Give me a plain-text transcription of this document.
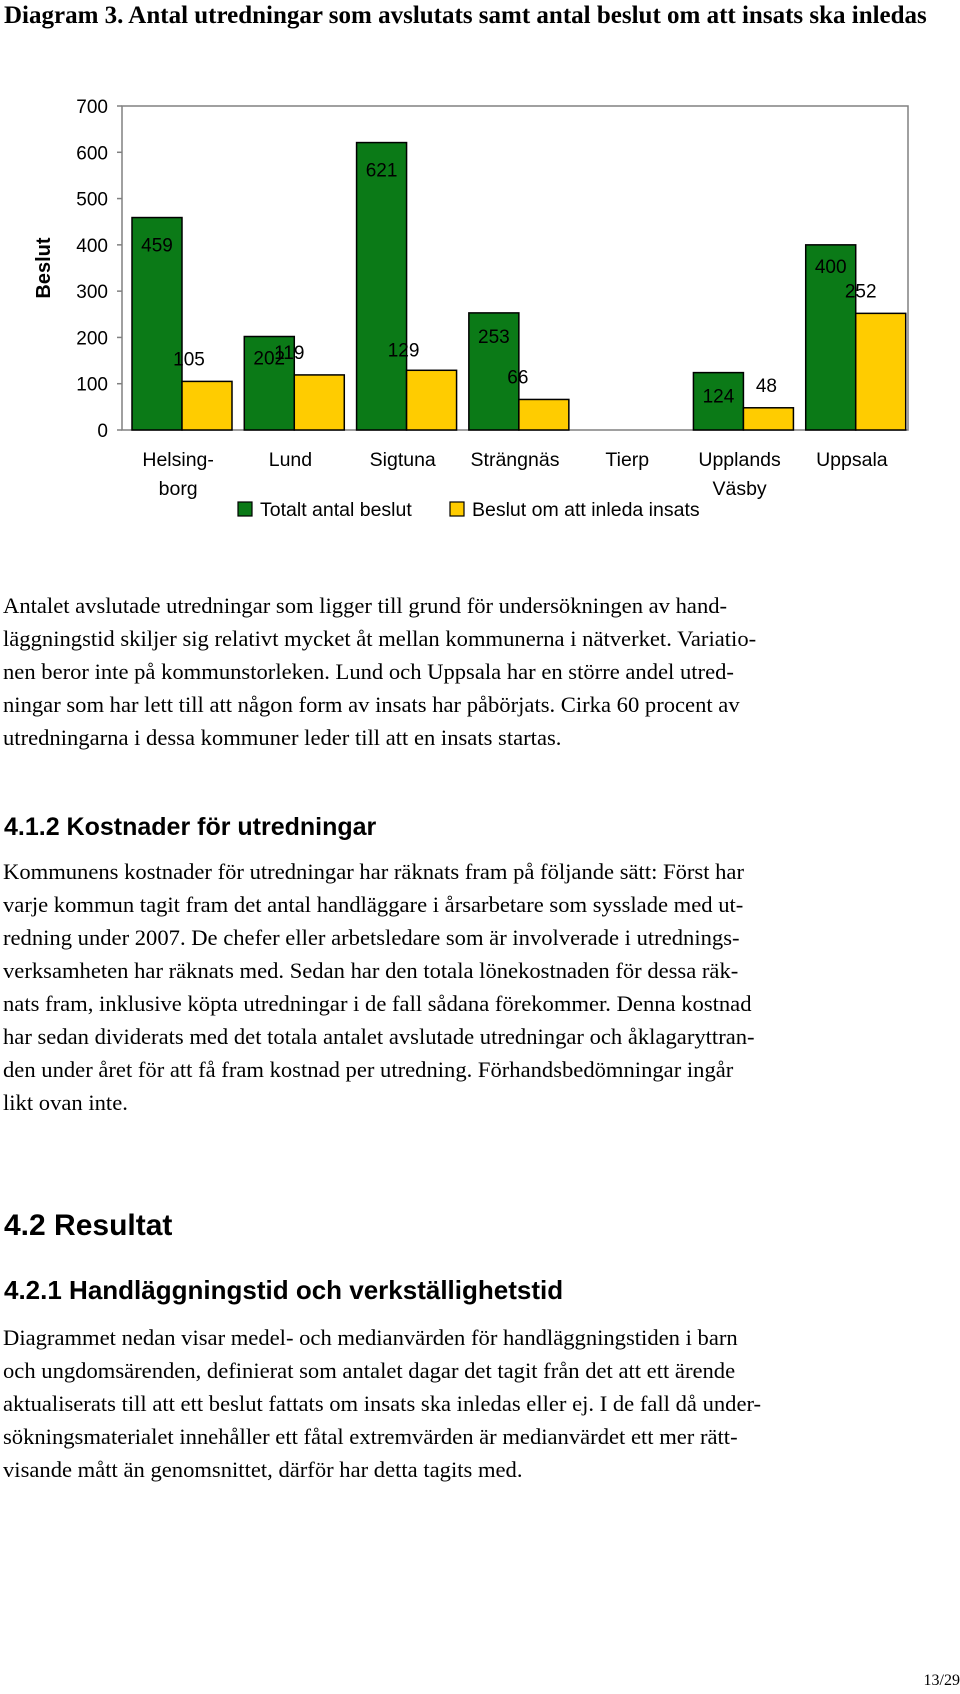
Diagram 3. Antal utredningar som avslutats samt antal beslut om att insats ska inledas
0
100
200
300
400
500
600
700
Beslut
Helsing-
borg
Lund	Sigtuna Strängnäs Tierp	Upplands
Väsby
Uppsala
459
202
621
253
124
400
105	119	129
66	48
252
Totalt antal beslut	Beslut om att inleda insats

Antalet avslutade utredningar som ligger till grund för undersökningen av hand-
läggningstid skiljer sig relativt mycket åt mellan kommunerna i nätverket. Variatio-
nen beror inte på kommunstorleken. Lund och Uppsala har en större andel utred-
ningar som har lett till att någon form av insats har påbörjats. Cirka 60 procent av
utredningarna i dessa kommuner leder till att en insats startas.

4.1.2 Kostnader för utredningar

Kommunens kostnader för utredningar har räknats fram på följande sätt: Först har
varje kommun tagit fram det antal handläggare i årsarbetare som sysslade med ut-
redning under 2007. De chefer eller arbetsledare som är involverade i utrednings-
verksamheten har räknats med. Sedan har den totala lönekostnaden för dessa räk-
nats fram, inklusive köpta utredningar i de fall sådana förekommer. Denna kostnad
har sedan dividerats med det totala antalet avslutade utredningar och åklagaryttran-
den under året för att få fram kostnad per utredning. Förhandsbedömningar ingår
likt ovan inte.

4.2 Resultat
4.2.1 Handläggningstid och verkställighetstid

Diagrammet nedan visar medel- och medianvärden för handläggningstiden i barn
och ungdomsärenden, definierat som antalet dagar det tagit från det att ett ärende
aktualiserats till att ett beslut fattats om insats ska inledas eller ej. I de fall då under-
sökningsmaterialet innehåller ett fåtal extremvärden är medianvärdet ett mer rätt-
visande mått än genomsnittet, därför har detta tagits med.

13/29
